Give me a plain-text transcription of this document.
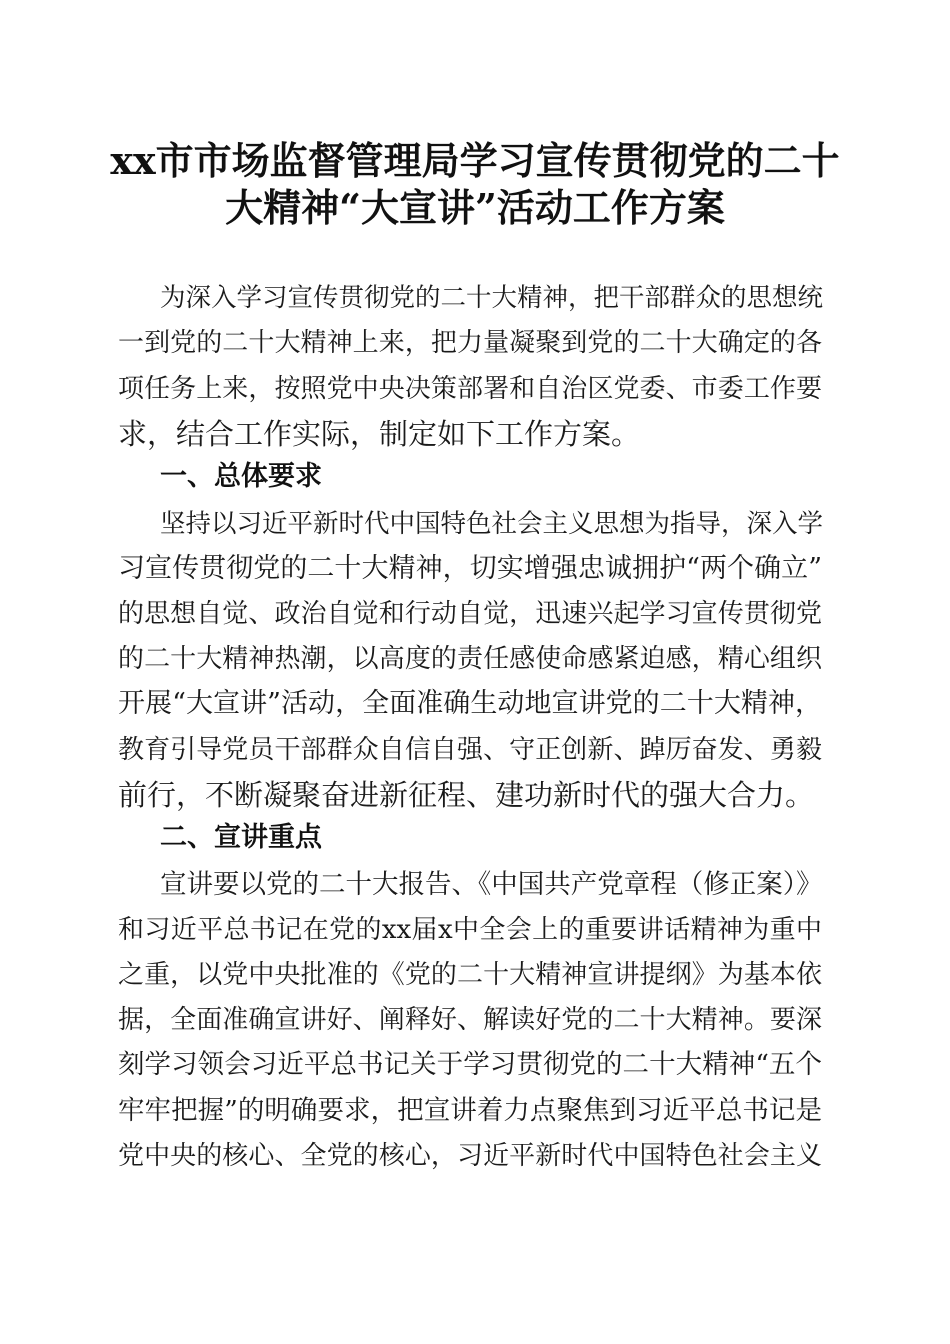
xx市市场监督管理局学习宣传贯彻党的二十
大精神“大宣讲”活动工作方案
为深入学习宣传贯彻党的二十大精神，把干部群众的思想统
一到党的二十大精神上来，把力量凝聚到党的二十大确定的各
项任务上来，按照党中央决策部署和自治区党委、市委工作要
求，结合工作实际，制定如下工作方案。
一、总体要求
坚持以习近平新时代中国特色社会主义思想为指导，深入学
习宣传贯彻党的二十大精神，切实增强忠诚拥护“两个确立”
的思想自觉、政治自觉和行动自觉，迅速兴起学习宣传贯彻党
的二十大精神热潮，以高度的责任感使命感紧迫感，精心组织
开展“大宣讲”活动，全面准确生动地宣讲党的二十大精神，
教育引导党员干部群众自信自强、守正创新、踔厉奋发、勇毅
前行，不断凝聚奋进新征程、建功新时代的强大合力。
二、宣讲重点
宣讲要以党的二十大报告、《中国共产党章程（修正案）》
和习近平总书记在党的xx届x中全会上的重要讲话精神为重中
之重，以党中央批准的《党的二十大精神宣讲提纲》为基本依
据，全面准确宣讲好、阐释好、解读好党的二十大精神。要深
刻学习领会习近平总书记关于学习贯彻党的二十大精神“五个
牢牢把握”的明确要求，把宣讲着力点聚焦到习近平总书记是
党中央的核心、全党的核心，习近平新时代中国特色社会主义
